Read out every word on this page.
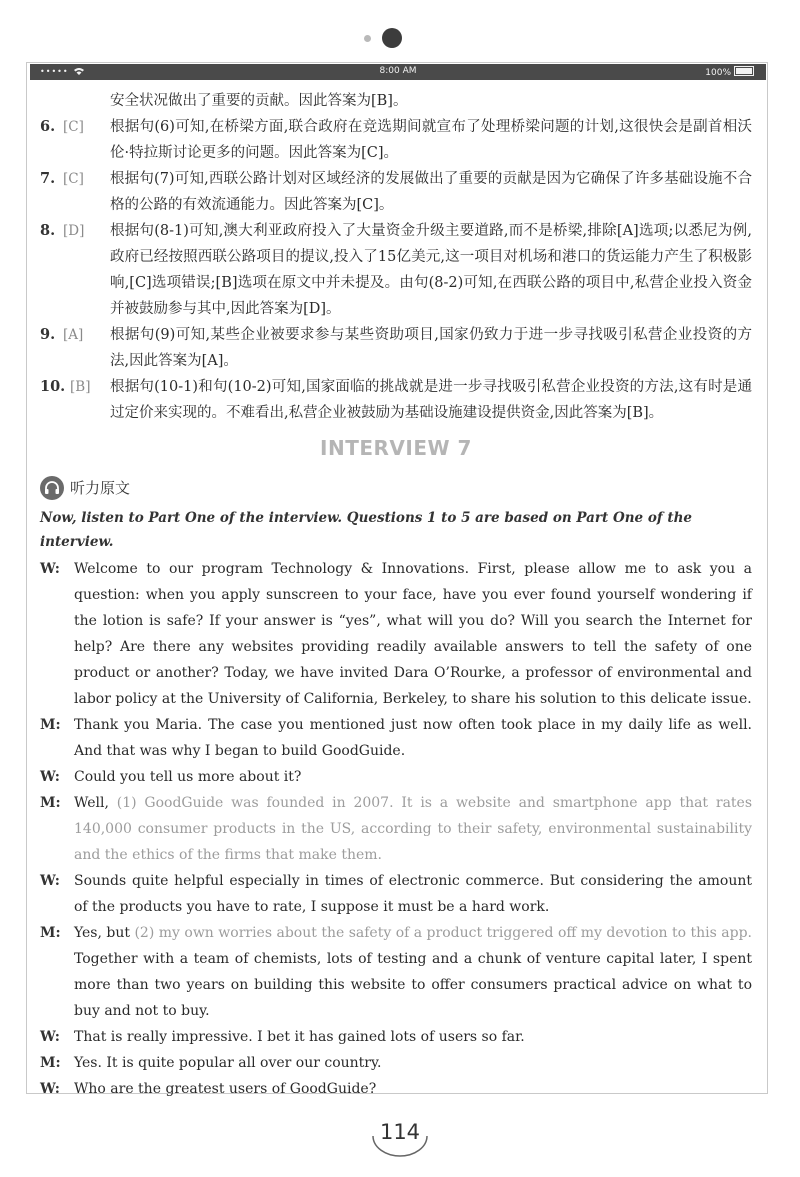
•••••	8:00 AM	100%
安全状况做出了重要的贡献。因此答案为[B]。
6. [C]	根据句(6)可知,在桥梁方面,联合政府在竞选期间就宣布了处理桥梁问题的计划,这很快会是副首相沃伦·特拉斯讨论更多的问题。因此答案为[C]。
7. [C]	根据句(7)可知,西联公路计划对区域经济的发展做出了重要的贡献是因为它确保了许多基础设施不合格的公路的有效流通能力。因此答案为[C]。
8. [D]	根据句(8-1)可知,澳大利亚政府投入了大量资金升级主要道路,而不是桥梁,排除[A]选项;以悉尼为例,政府已经按照西联公路项目的提议,投入了15亿美元,这一项目对机场和港口的货运能力产生了积极影响,[C]选项错误;[B]选项在原文中并未提及。由句(8-2)可知,在西联公路的项目中,私营企业投入资金并被鼓励参与其中,因此答案为[D]。
9. [A]	根据句(9)可知,某些企业被要求参与某些资助项目,国家仍致力于进一步寻找吸引私营企业投资的方法,因此答案为[A]。
10. [B]	根据句(10-1)和句(10-2)可知,国家面临的挑战就是进一步寻找吸引私营企业投资的方法,这有时是通过定价来实现的。不难看出,私营企业被鼓励为基础设施建设提供资金,因此答案为[B]。
INTERVIEW 7
听力原文
Now, listen to Part One of the interview. Questions 1 to 5 are based on Part One of the interview.
W:	Welcome to our program Technology & Innovations. First, please allow me to ask you a question: when you apply sunscreen to your face, have you ever found yourself wondering if the lotion is safe? If your answer is “yes”, what will you do? Will you search the Internet for help? Are there any websites providing readily available answers to tell the safety of one product or another? Today, we have invited Dara O’Rourke, a professor of environmental and labor policy at the University of California, Berkeley, to share his solution to this delicate issue.
M: Thank you Maria. The case you mentioned just now often took place in my daily life as well. And that was why I began to build GoodGuide.
W:	Could you tell us more about it?
M: Well, (1) GoodGuide was founded in 2007. It is a website and smartphone app that rates 140,000 consumer products in the US, according to their safety, environmental sustainability and the ethics of the firms that make them.
W:	Sounds quite helpful especially in times of electronic commerce. But considering the amount of the products you have to rate, I suppose it must be a hard work.
M: Yes, but (2) my own worries about the safety of a product triggered off my devotion to this app. Together with a team of chemists, lots of testing and a chunk of venture capital later, I spent more than two years on building this website to offer consumers practical advice on what to buy and not to buy.
W:	That is really impressive. I bet it has gained lots of users so far.
M: Yes. It is quite popular all over our country.
W:	Who are the greatest users of GoodGuide?
114
